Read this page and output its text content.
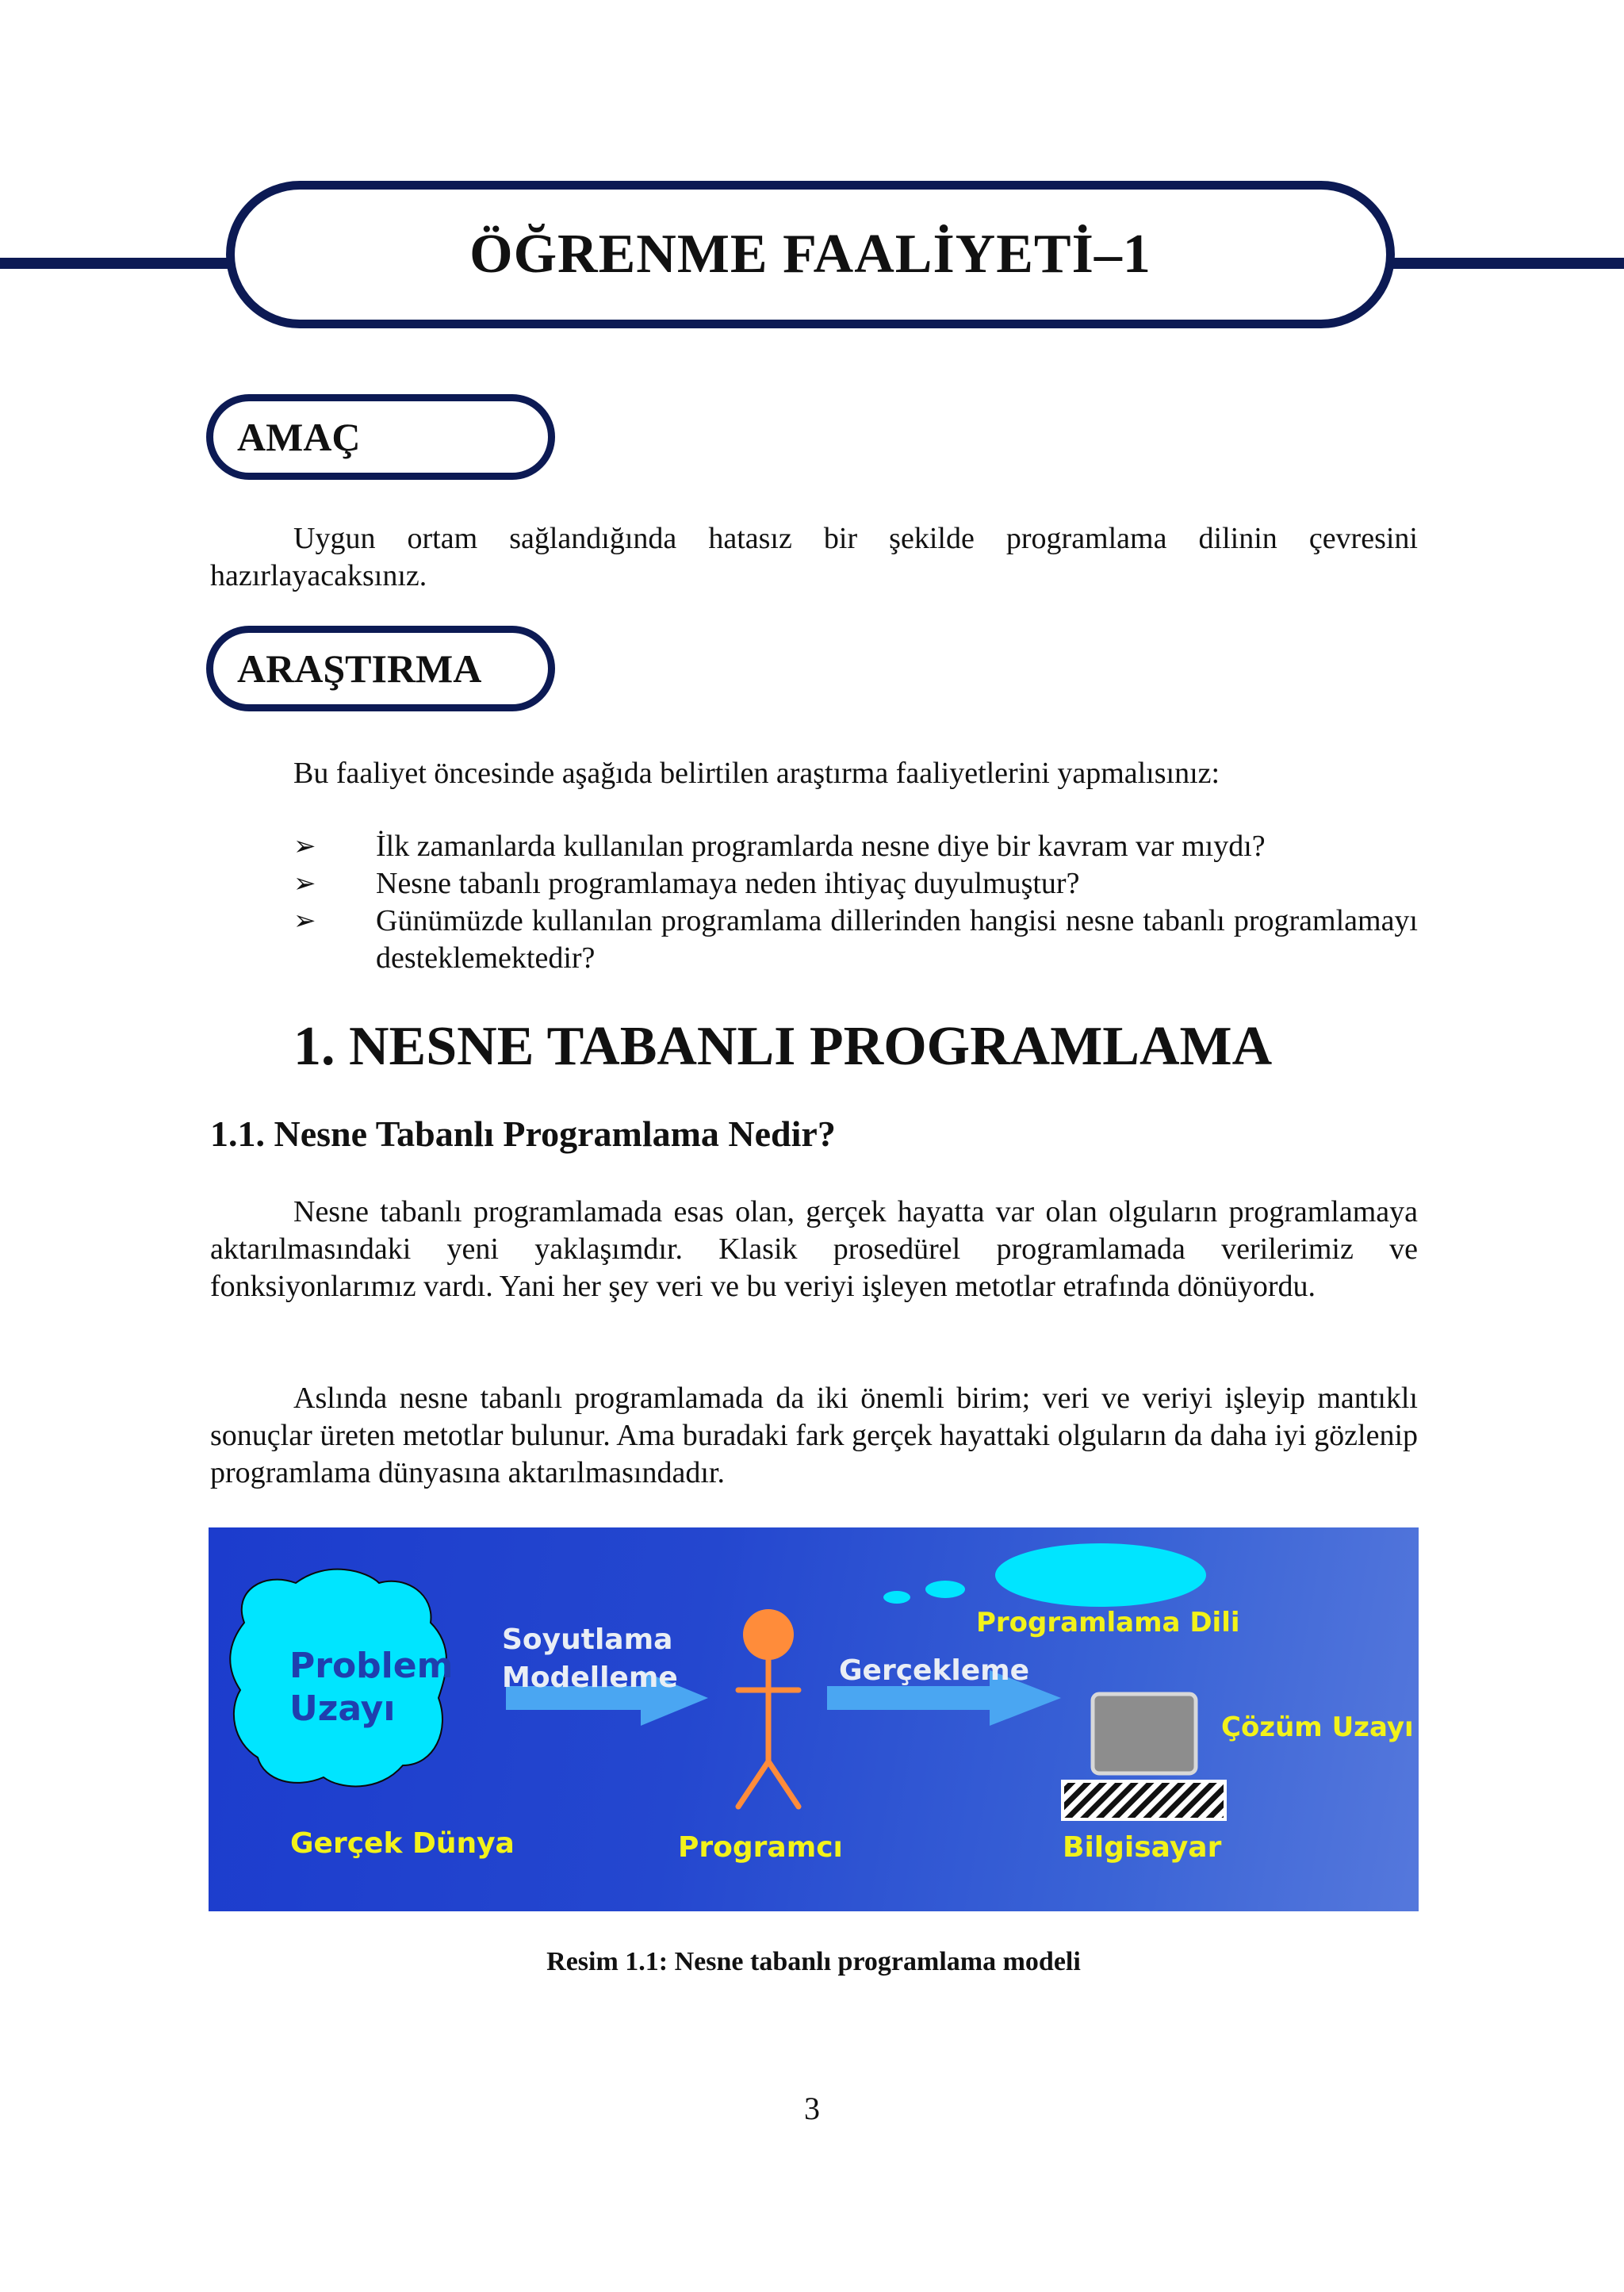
ÖĞRENME FAALİYETİ–1
AMAÇ
Uygun ortam sağlandığında hatasız bir şekilde programlama dilinin çevresini
hazırlayacaksınız.
ARAŞTIRMA
Bu faaliyet öncesinde aşağıda belirtilen araştırma faaliyetlerini yapmalısınız:
➢ İlk zamanlarda kullanılan programlarda nesne diye bir kavram var mıydı?
➢ Nesne tabanlı programlamaya neden ihtiyaç duyulmuştur?
➢ Günümüzde kullanılan programlama dillerinden hangisi nesne tabanlı programlamayı desteklemektedir?
1. NESNE TABANLI PROGRAMLAMA
1.1. Nesne Tabanlı Programlama Nedir?
Nesne tabanlı programlamada esas olan, gerçek hayatta var olan olguların programlamaya aktarılmasındaki yeni yaklaşımdır. Klasik prosedürel programlamada verilerimiz ve fonksiyonlarımız vardı. Yani her şey veri ve bu veriyi işleyen metotlar etrafında dönüyordu.
Aslında nesne tabanlı programlamada da iki önemli birim; veri ve veriyi işleyip mantıklı sonuçlar üreten metotlar bulunur. Ama buradaki fark gerçek hayattaki olguların da daha iyi gözlenip programlama dünyasına aktarılmasındadır.
Problem
Uzayı
Gerçek Dünya
Soyutlama
Modelleme
Programcı
Gerçekleme
Programlama Dili
Çözüm Uzayı
Bilgisayar
Resim 1.1: Nesne tabanlı programlama modeli
3
